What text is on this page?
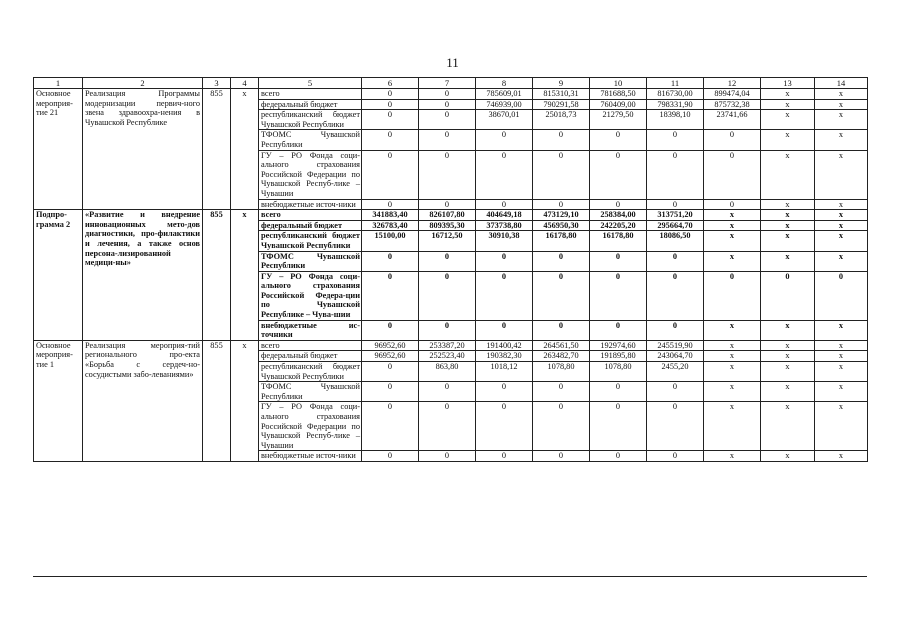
11
1	2	3	4	5	6	7	8	9	10	11	12	13	14
Основное мероприя-тие 21	Реализация Программы модернизации первич-ного звена здравоохра-нения в Чувашской Республике	855	х	всего	0	0	785609,01	815310,31	781688,50	816730,00	899474,04	х	х
				федеральный бюджет	0	0	746939,00	790291,58	760409,00	798331,90	875732,38	х	х
				республиканский бюджет Чувашской Республики	0	0	38670,01	25018,73	21279,50	18398,10	23741,66	х	х
				ТФОМС Чувашской Республики	0	0	0	0	0	0	0	х	х
				ГУ – РО Фонда соци-ального страхования Российской Федерации по Чувашской Респуб-лике – Чувашии	0	0	0	0	0	0	0	х	х
				внебюджетные источ-ники	0	0	0	0	0	0	0	х	х
Подпро-грамма 2	«Развитие и внедрение инновационных мето-дов диагностики, про-филактики и лечения, а также основ персона-лизированной медици-ны»	855	х	всего	341883,40	826107,80	404649,18	473129,10	258384,00	313751,20	х	х	х
				федеральный бюджет	326783,40	809395,30	373738,80	456950,30	242205,20	295664,70	х	х	х
				республиканский бюджет Чувашской Республики	15100,00	16712,50	30910,38	16178,80	16178,80	18086,50	х	х	х
				ТФОМС Чувашской Республики	0	0	0	0	0	0	х	х	х
				ГУ – РО Фонда соци-ального страхования Российской Федера-ции по Чувашской Республике – Чува-шии	0	0	0	0	0	0	0	0	0
				внебюджетные ис-точники	0	0	0	0	0	0	х	х	х
Основное мероприя-тие 1	Реализация мероприя-тий регионального про-екта «Борьба с сердеч-но-сосудистыми забо-леваниями»	855	х	всего	96952,60	253387,20	191400,42	264561,50	192974,60	245519,90	х	х	х
				федеральный бюджет	96952,60	252523,40	190382,30	263482,70	191895,80	243064,70	х	х	х
				республиканский бюджет Чувашской Республики	0	863,80	1018,12	1078,80	1078,80	2455,20	х	х	х
				ТФОМС Чувашской Республики	0	0	0	0	0	0	х	х	х
				ГУ – РО Фонда соци-ального страхования Российской Федерации по Чувашской Респуб-лике – Чувашии	0	0	0	0	0	0	х	х	х
				внебюджетные источ-ники	0	0	0	0	0	0	х	х	х
